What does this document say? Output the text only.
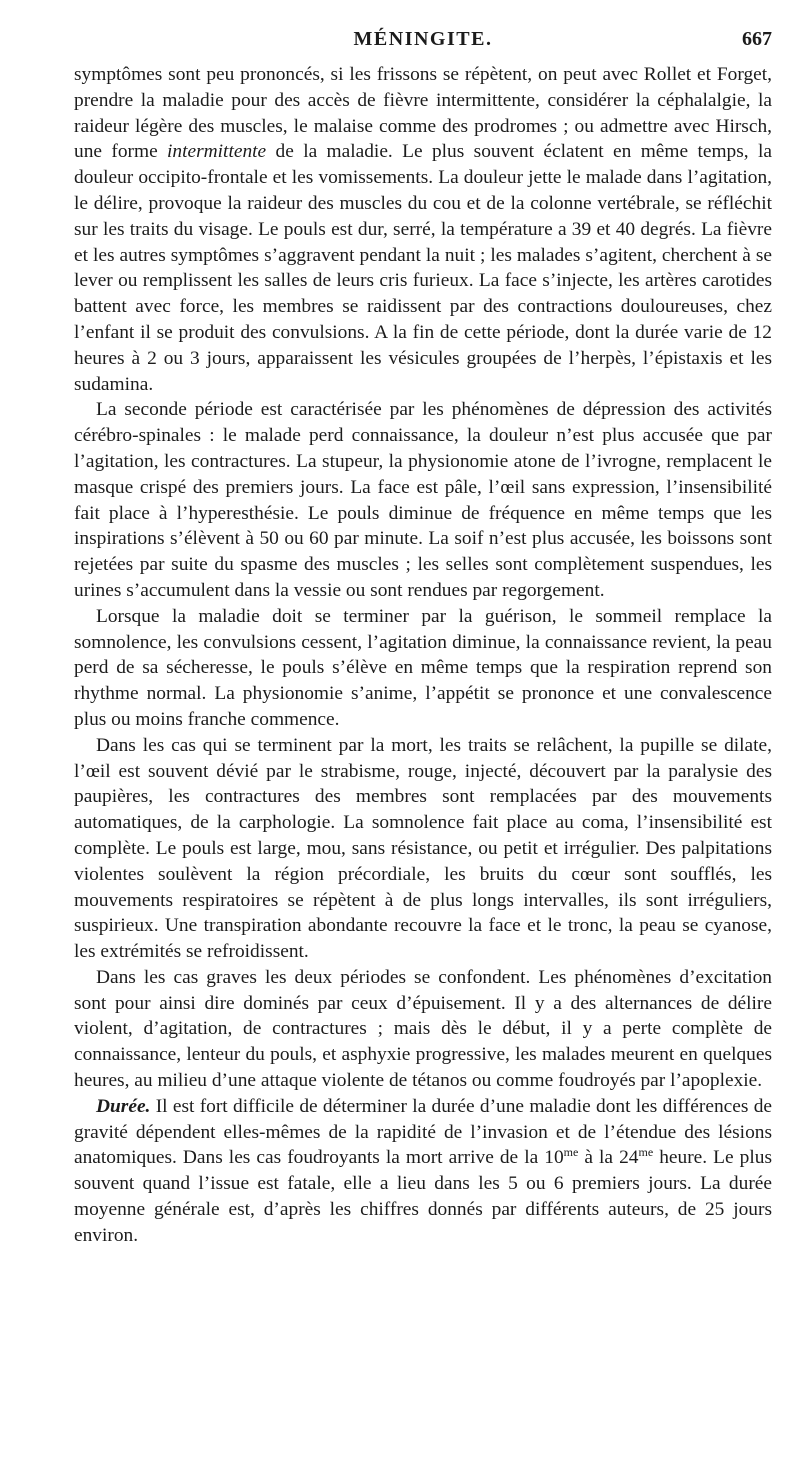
MÉNINGITE.	667

symptômes sont peu prononcés, si les frissons se répètent, on peut avec Rollet et Forget, prendre la maladie pour des accès de fièvre intermittente, considérer la céphalalgie, la raideur légère des muscles, le malaise comme des prodromes ; ou admettre avec Hirsch, une forme intermittente de la maladie. Le plus souvent éclatent en même temps, la douleur occipito-frontale et les vomissements. La douleur jette le malade dans l’agitation, le délire, provoque la raideur des muscles du cou et de la colonne vertébrale, se réfléchit sur les traits du visage. Le pouls est dur, serré, la température a 39 et 40 degrés. La fièvre et les autres symptômes s’aggravent pendant la nuit ; les malades s’agitent, cherchent à se lever ou remplissent les salles de leurs cris furieux. La face s’injecte, les artères carotides battent avec force, les membres se raidissent par des contractions douloureuses, chez l’enfant il se produit des convulsions. A la fin de cette période, dont la durée varie de 12 heures à 2 ou 3 jours, apparaissent les vésicules groupées de l’herpès, l’épistaxis et les sudamina.

La seconde période est caractérisée par les phénomènes de dépression des activités cérébro-spinales : le malade perd connaissance, la douleur n’est plus accusée que par l’agitation, les contractures. La stupeur, la physionomie atone de l’ivrogne, remplacent le masque crispé des premiers jours. La face est pâle, l’œil sans expression, l’insensibilité fait place à l’hyperesthésie. Le pouls diminue de fréquence en même temps que les inspirations s’élèvent à 50 ou 60 par minute. La soif n’est plus accusée, les boissons sont rejetées par suite du spasme des muscles ; les selles sont complètement suspendues, les urines s’accumulent dans la vessie ou sont rendues par regorgement.

Lorsque la maladie doit se terminer par la guérison, le sommeil remplace la somnolence, les convulsions cessent, l’agitation diminue, la connaissance revient, la peau perd de sa sécheresse, le pouls s’élève en même temps que la respiration reprend son rhythme normal. La physionomie s’anime, l’appétit se prononce et une convalescence plus ou moins franche commence.

Dans les cas qui se terminent par la mort, les traits se relâchent, la pupille se dilate, l’œil est souvent dévié par le strabisme, rouge, injecté, découvert par la paralysie des paupières, les contractures des membres sont remplacées par des mouvements automatiques, de la carphologie. La somnolence fait place au coma, l’insensibilité est complète. Le pouls est large, mou, sans résistance, ou petit et irrégulier. Des palpitations violentes soulèvent la région précordiale, les bruits du cœur sont soufflés, les mouvements respiratoires se répètent à de plus longs intervalles, ils sont irréguliers, suspirieux. Une transpiration abondante recouvre la face et le tronc, la peau se cyanose, les extrémités se refroidissent.

Dans les cas graves les deux périodes se confondent. Les phénomènes d’excitation sont pour ainsi dire dominés par ceux d’épuisement. Il y a des alternances de délire violent, d’agitation, de contractures ; mais dès le début, il y a perte complète de connaissance, lenteur du pouls, et asphyxie progressive, les malades meurent en quelques heures, au milieu d’une attaque violente de tétanos ou comme foudroyés par l’apoplexie.

Durée. Il est fort difficile de déterminer la durée d’une maladie dont les différences de gravité dépendent elles-mêmes de la rapidité de l’invasion et de l’étendue des lésions anatomiques. Dans les cas foudroyants la mort arrive de la $10^{me}$ à la $24^{me}$ heure. Le plus souvent quand l’issue est fatale, elle a lieu dans les 5 ou 6 premiers jours. La durée moyenne générale est, d’après les chiffres donnés par différents auteurs, de 25 jours environ.
